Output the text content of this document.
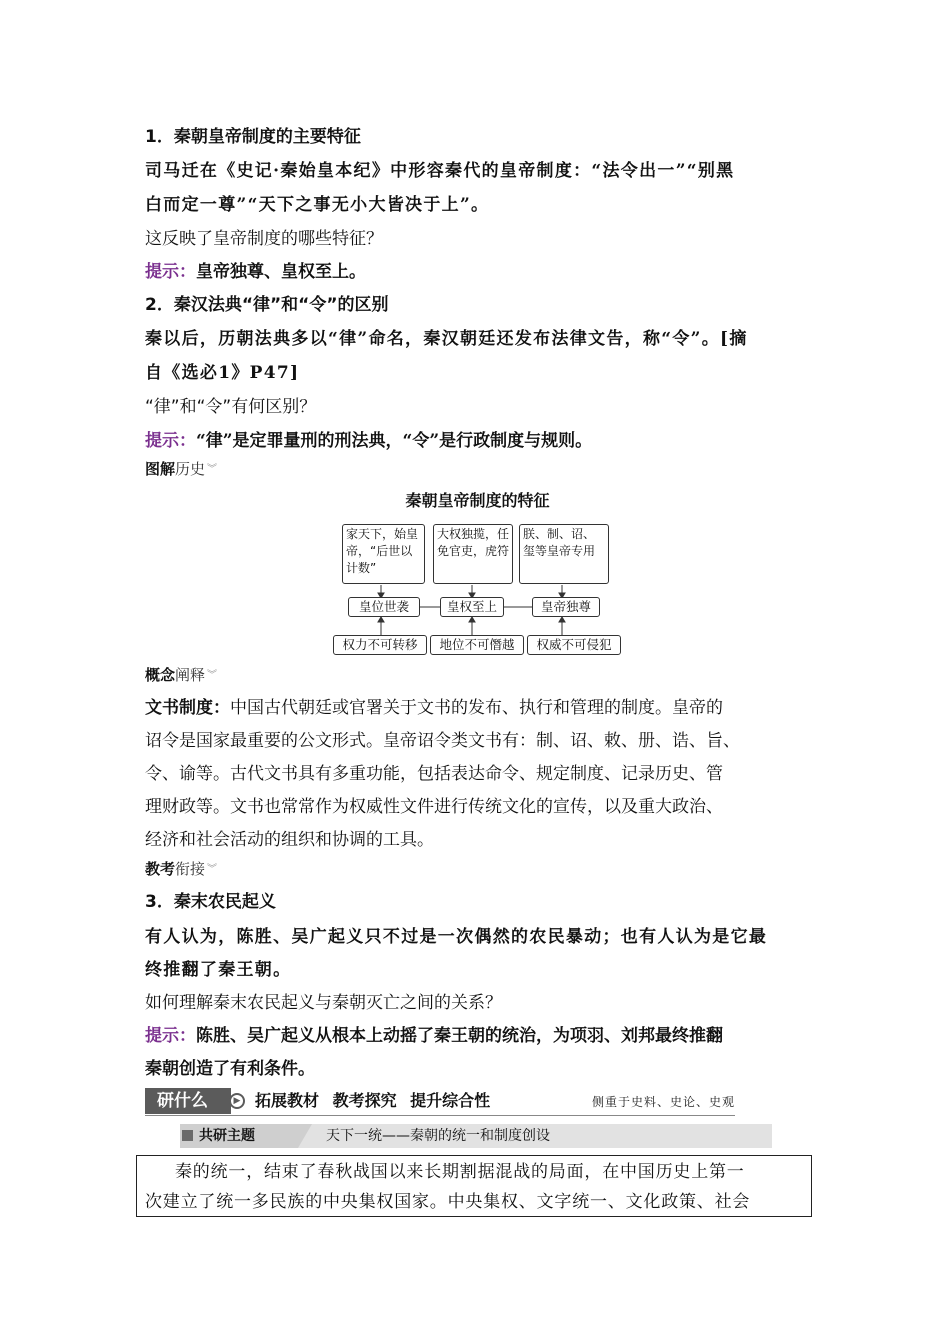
1．秦朝皇帝制度的主要特征
司马迁在《史记·秦始皇本纪》中形容秦代的皇帝制度：“法令出一”“别黑
白而定一尊”“天下之事无小大皆决于上”。
这反映了皇帝制度的哪些特征？
提示：皇帝独尊、皇权至上。
2．秦汉法典“律”和“令”的区别
秦以后，历朝法典多以“律”命名，秦汉朝廷还发布法律文告，称“令”。[摘
自《选必1》P47]
“律”和“令”有何区别？
提示：“律”是定罪量刑的刑法典，“令”是行政制度与规则。
图解历史 ︾
秦朝皇帝制度的特征
家天下，始皇帝，“后世以计数”
大权独揽，任免官吏，虎符
朕、制、诏、玺等皇帝专用
皇位世袭	皇权至上	皇帝独尊
权力不可转移	地位不可僭越	权威不可侵犯
概念阐释 ︾
文书制度：中国古代朝廷或官署关于文书的发布、执行和管理的制度。皇帝的
诏令是国家最重要的公文形式。皇帝诏令类文书有：制、诏、敕、册、诰、旨、
令、谕等。古代文书具有多重功能，包括表达命令、规定制度、记录历史、管
理财政等。文书也常常作为权威性文件进行传统文化的宣传，以及重大政治、
经济和社会活动的组织和协调的工具。
教考衔接 ︾
3．秦末农民起义
有人认为，陈胜、吴广起义只不过是一次偶然的农民暴动；也有人认为是它最
终推翻了秦王朝。
如何理解秦末农民起义与秦朝灭亡之间的关系？
提示：陈胜、吴广起义从根本上动摇了秦王朝的统治，为项羽、刘邦最终推翻
秦朝创造了有利条件。
研什么	▶ 拓展教材 教考探究 提升综合性	侧重于史料、史论、史观
共研主题	天下一统——秦朝的统一和制度创设
秦的统一，结束了春秋战国以来长期割据混战的局面，在中国历史上第一
次建立了统一多民族的中央集权国家。中央集权、文字统一、文化政策、社会
